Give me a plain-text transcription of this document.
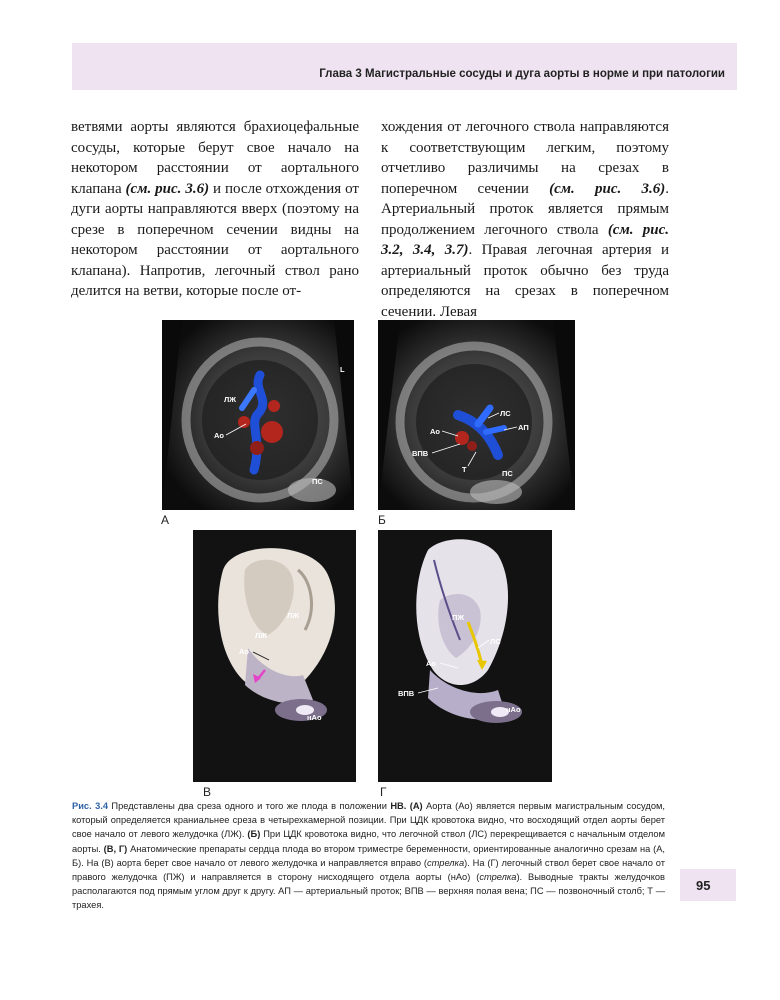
Глава 3 Магистральные сосуды и дуга аорты в норме и при патологии

ветвями аорты являются брахиоцефальные сосуды, которые берут свое начало на некотором расстоянии от аортального клапана (см. рис. 3.6) и после отхождения от дуги аорты направляются вверх (поэтому на срезе в поперечном сечении видны на некотором расстоянии от аортального клапана). Напротив, легочный ствол рано делится на ветви, которые после от-

хождения от легочного ствола направляются к соответствующим легким, поэтому отчетливо различимы на срезах в поперечном сечении (см. рис. 3.6). Артериальный проток является прямым продолжением легочного ствола (см. рис. 3.2, 3.4, 3.7). Правая легочная артерия и артериальный проток обычно без труда определяются на срезах в поперечном сечении. Левая

L
ЛЖ
Ао
ПС
А
ЛС
Ао	АП
ВПВ
Т	ПС
Б
ЛЖ
ЛЖ
Ао
нАо
В
ПЖ
ЛС
Ао
ВПВ
нАо
Г
Рис. 3.4 Представлены два среза одного и того же плода в положении НВ. (А) Аорта (Ао) является первым магистральным сосудом, который определяется краниальнее среза в четырехкамерной позиции. При ЦДК кровотока видно, что восходящий отдел аорты берет свое начало от левого желудочка (ЛЖ). (Б) При ЦДК кровотока видно, что легочной ствол (ЛС) перекрещивается с начальным отделом аорты. (В, Г) Анатомические препараты сердца плода во втором триместре беременности, ориентированные аналогично срезам на (А, Б). На (В) аорта берет свое начало от левого желудочка и направляется вправо (стрелка). На (Г) легочный ствол берет свое начало от правого желудочка (ПЖ) и направляется в сторону нисходящего отдела аорты (нАо) (стрелка). Выводные тракты желудочков располагаются под прямым углом друг к другу. АП — артериальный проток; ВПВ — верхняя полая вена; ПС — позвоночный столб; Т — трахея.
95
